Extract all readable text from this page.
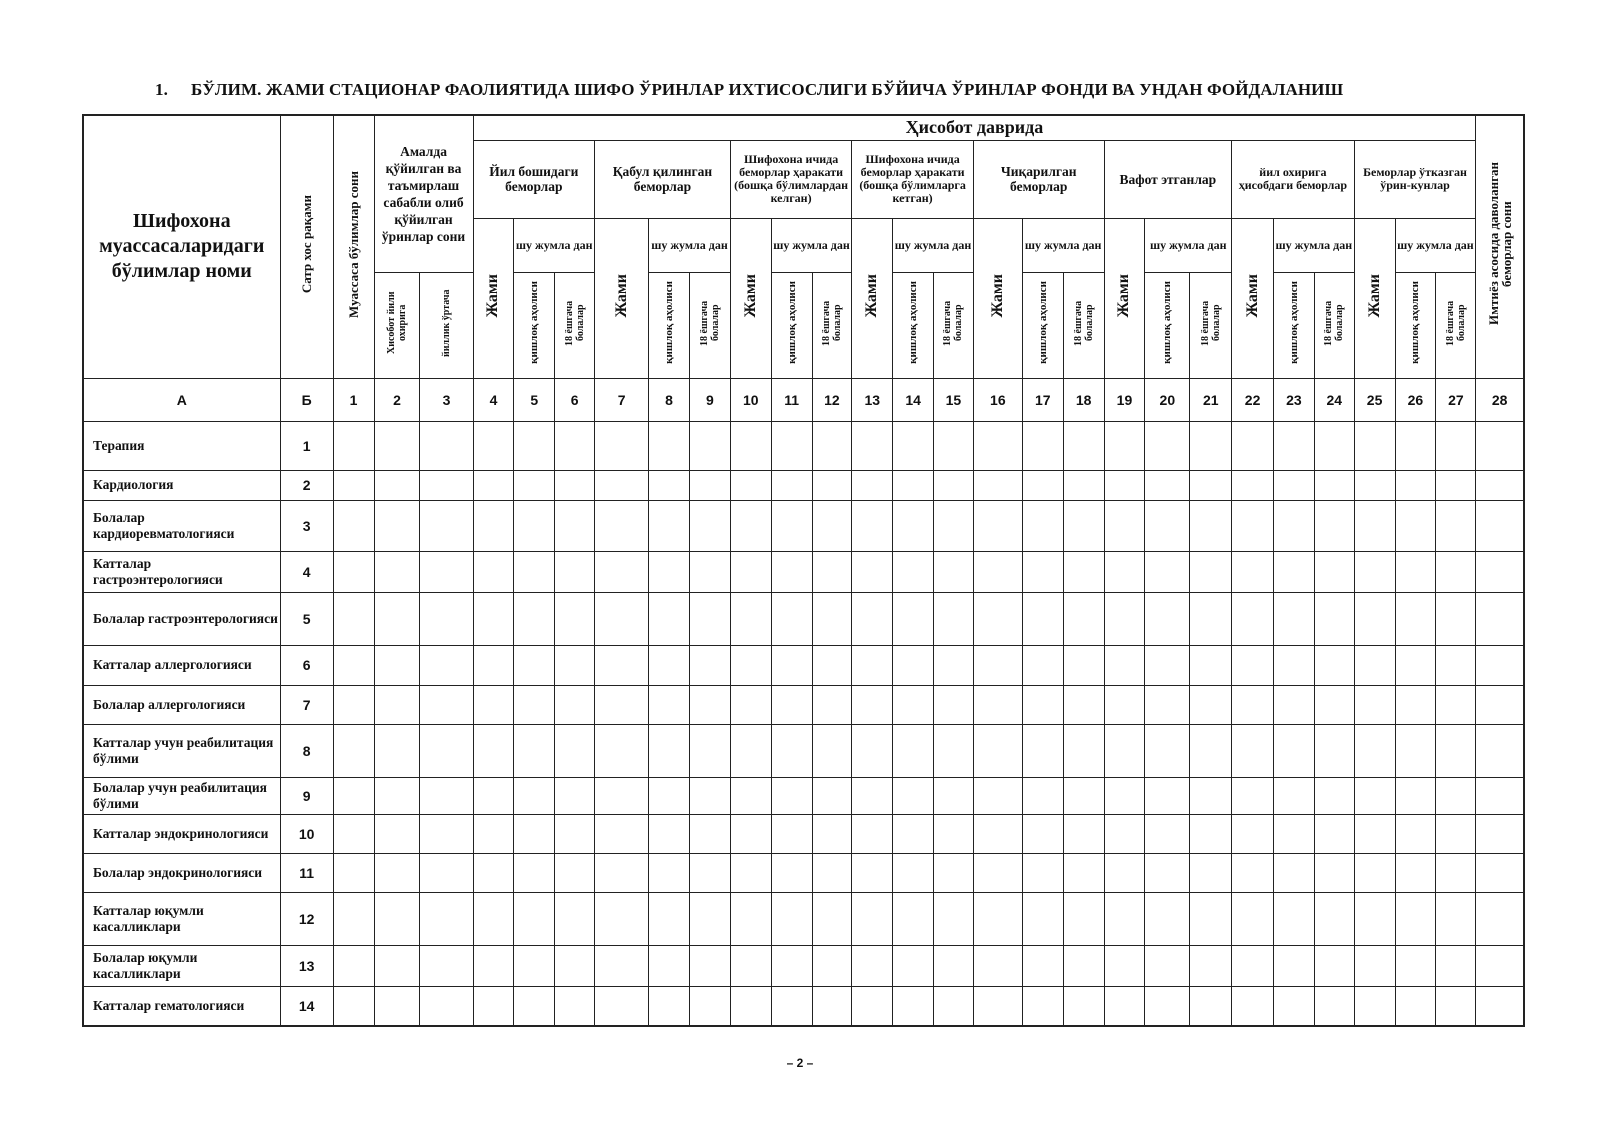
1. БЎЛИМ. ЖАМИ СТАЦИОНАР ФАОЛИЯТИДА ШИФО ЎРИНЛАР ИХТИСОСЛИГИ БЎЙИЧА ЎРИНЛАР ФОНДИ ВА УНДАН ФОЙДАЛАНИШ
Шифохона муассасаларидаги бўлимлар номи	Сатр хос рақами	Муассаса бўлимлар сони	Амалда қўйилган ва таъмирлаш сабабли олиб қўйилган ўринлар сони		Ҳисобот даврида																								Имтиёз асосида даволанган беморлар сони
					Йил бошидаги беморлар			Қабул қилинган беморлар			Шифохона ичида беморлар ҳаракати (бошқа бўлимлардан келган)			Шифохона ичида беморлар ҳаракати (бошқа бўлимларга кетган)			Чиқарилган беморлар			Вафот этганлар			йил охирига ҳисобдаги беморлар			Беморлар ўтказган ўрин-кунлар			
					Жами	шу жумла дан		Жами	шу жумла дан		Жами	шу жумла дан		Жами	шу жумла дан		Жами	шу жумла дан		Жами	шу жумла дан		Жами	шу жумла дан		Жами	шу жумла дан		
			Хисобот йили охирига	йиллик ўртача		қишлоқ аҳолиси	18 ёшгача болалар		қишлоқ аҳолиси	18 ёшгача болалар		қишлоқ аҳолиси	18 ёшгача болалар		қишлоқ аҳолиси	18 ёшгача болалар		қишлоқ аҳолиси	18 ёшгача болалар		қишлоқ аҳолиси	18 ёшгача болалар		қишлоқ аҳолиси	18 ёшгача болалар		қишлоқ аҳолиси	18 ёшгача болалар	
А	Б	1	2	3	4	5	6	7	8	9	10	11	12	13	14	15	16	17	18	19	20	21	22	23	24	25	26	27	28
Терапия	1																												
Кардиология	2																												
Болалар кардиоревматологияси	3																												
Катталар гастроэнтерологияси	4																												
Болалар гастроэнтерологияси	5																												
Катталар аллергологияси	6																												
Болалар аллергологияси	7																												
Катталар учун реабилитация бўлими	8																												
Болалар учун реабилитация бўлими	9																												
Катталар эндокринологияси	10																												
Болалар эндокринологияси	11																												
Катталар юқумли касалликлари	12																												
Болалар юқумли касалликлари	13																												
Катталар гематологияси	14																												
– 2 –
